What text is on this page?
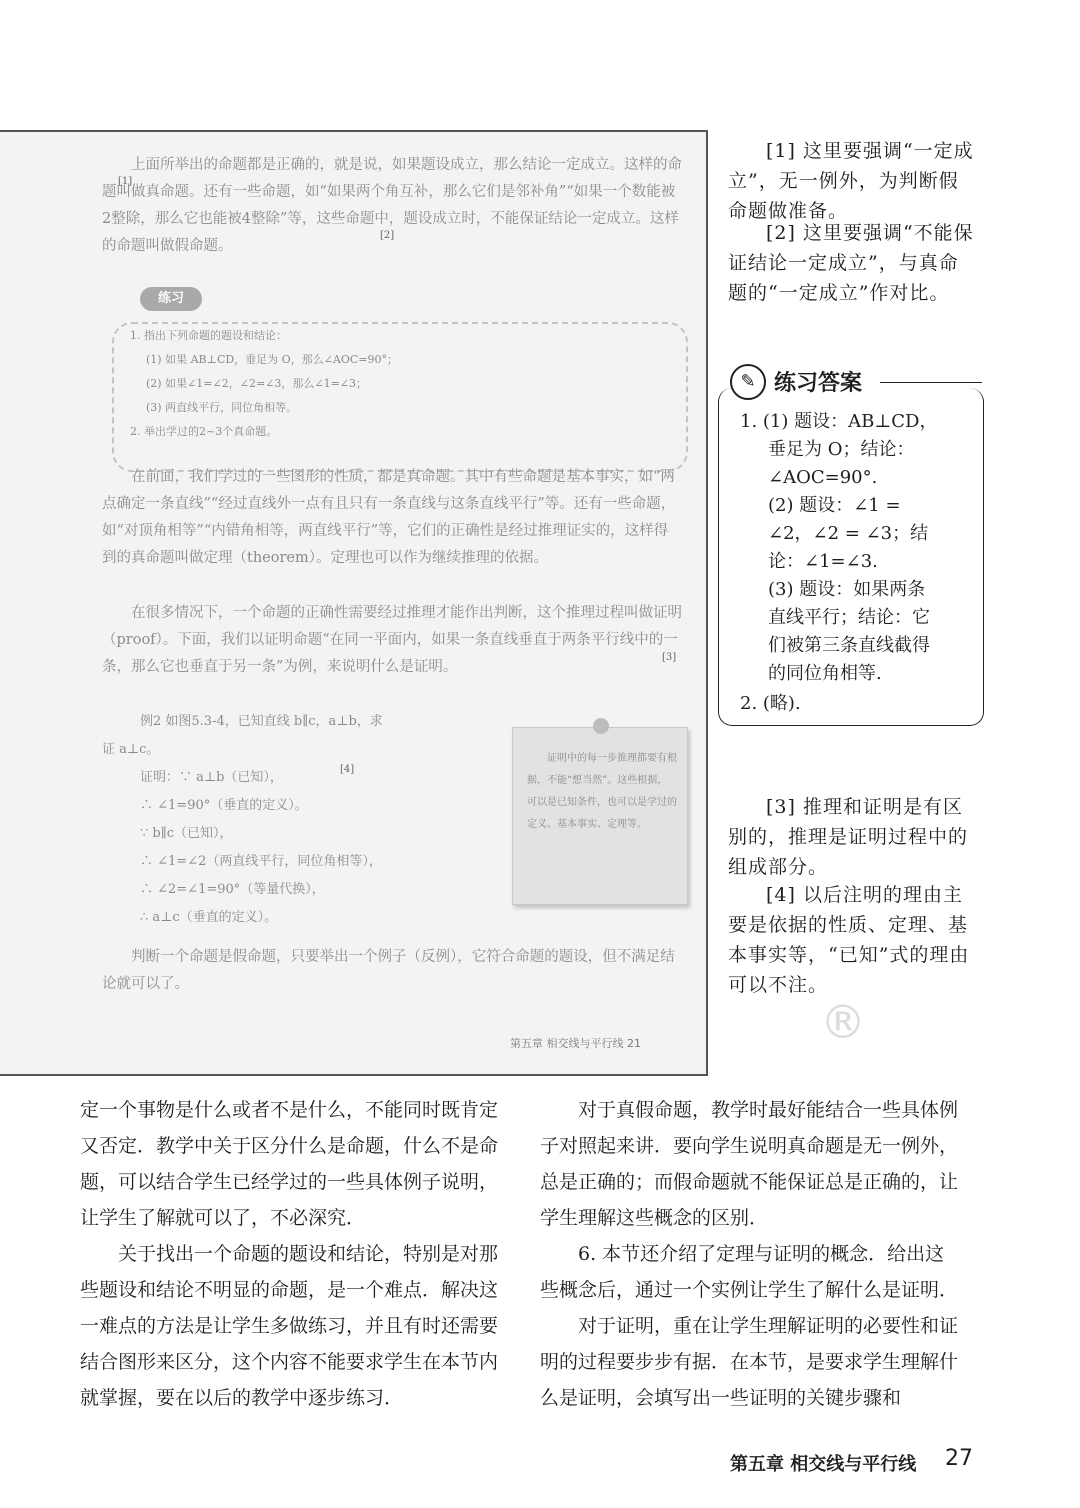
上面所举出的命题都是正确的，就是说，如果题设成立，那么结论一定成立。这样的命题叫做真命题。还有一些命题，如“如果两个角互补，那么它们是邻补角”“如果一个数能被2整除，那么它也能被4整除”等，这些命题中，题设成立时，不能保证结论一定成立。这样的命题叫做假命题。

[1]
[2]
练习
1. 指出下列命题的题设和结论：
(1) 如果 AB⊥CD，垂足为 O，那么∠AOC=90°；
(2) 如果∠1=∠2，∠2=∠3，那么∠1=∠3；
(3) 两直线平行，同位角相等。
2. 举出学过的2~3个真命题。

在前面，我们学过的一些图形的性质，都是真命题。其中有些命题是基本事实，如“两点确定一条直线”“经过直线外一点有且只有一条直线与这条直线平行”等。还有一些命题，如“对顶角相等”“内错角相等，两直线平行”等，它们的正确性是经过推理证实的，这样得到的真命题叫做定理（theorem）。定理也可以作为继续推理的依据。

在很多情况下，一个命题的正确性需要经过推理才能作出判断，这个推理过程叫做证明（proof）。下面，我们以证明命题“在同一平面内，如果一条直线垂直于两条平行线中的一条，那么它也垂直于另一条”为例，来说明什么是证明。

[3]
例2 如图5.3-4，已知直线 b∥c，a⊥b，求
证 a⊥c。
证明：∵ a⊥b（已知），
[4]
∴ ∠1=90°（垂直的定义）。
∵ b∥c（已知），
∴ ∠1=∠2（两直线平行，同位角相等），
∴ ∠2=∠1=90°（等量代换），
∴ a⊥c（垂直的定义）。

证明中的每一步推理都要有根据，不能“想当然”。这些根据，可以是已知条件，也可以是学过的定义、基本事实、定理等。

判断一个命题是假命题，只要举出一个例子（反例），它符合命题的题设，但不满足结论就可以了。

第五章 相交线与平行线 21

[1] 这里要强调“一定成立”，无一例外，为判断假命题做准备。

[2] 这里要强调“不能保证结论一定成立”，与真命题的“一定成立”作对比。

✎ 练习答案
1. (1) 题设：AB⊥CD，
垂足为 O；结论：
∠AOC=90°.
(2) 题设：∠1 =
∠2，∠2 = ∠3；结
论：∠1=∠3.
(3) 题设：如果两条
直线平行；结论：它
们被第三条直线截得
的同位角相等.
2. (略).

[3] 推理和证明是有区别的，推理是证明过程中的组成部分。

[4] 以后注明的理由主要是依据的性质、定理、基本事实等，“已知”式的理由可以不注。

®

定一个事物是什么或者不是什么，不能同时既肯定又否定．教学中关于区分什么是命题，什么不是命题，可以结合学生已经学过的一些具体例子说明，让学生了解就可以了，不必深究．

关于找出一个命题的题设和结论，特别是对那些题设和结论不明显的命题，是一个难点．解决这一难点的方法是让学生多做练习，并且有时还需要结合图形来区分，这个内容不能要求学生在本节内就掌握，要在以后的教学中逐步练习．

对于真假命题，教学时最好能结合一些具体例子对照起来讲．要向学生说明真命题是无一例外，总是正确的；而假命题就不能保证总是正确的，让学生理解这些概念的区别．

6. 本节还介绍了定理与证明的概念．给出这些概念后，通过一个实例让学生了解什么是证明．

对于证明，重在让学生理解证明的必要性和证明的过程要步步有据．在本节，是要求学生理解什么是证明，会填写出一些证明的关键步骤和

第五章 相交线与平行线 27
